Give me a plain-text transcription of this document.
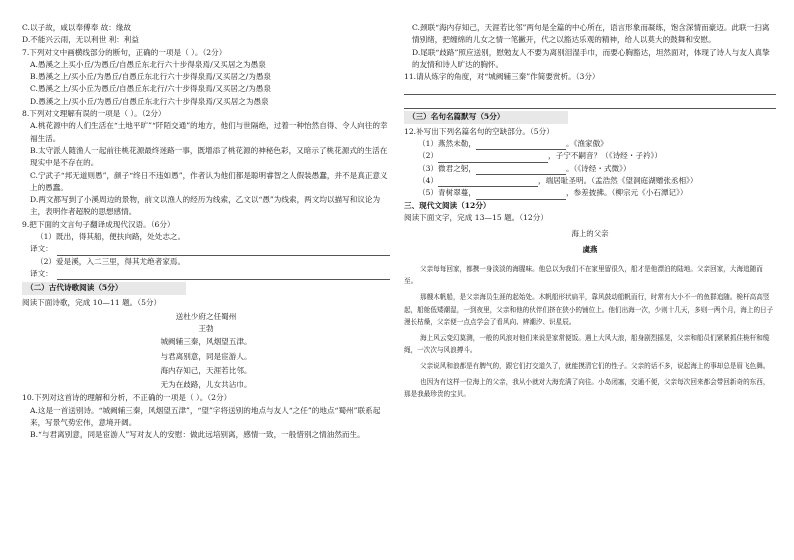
C.以子故，咸以奉傅奉 故：缘故
D.不能兴云雨，无以利世 利：利益
7.下列对文中画横线部分的断句，正确的一项是（ ）。（2分）
A.愚溪之上买小丘/为愚丘/自愚丘东北行六十步得泉焉/又买居之为愚泉
B.愚溪之上/买小丘/为愚丘/自愚丘东北行六十步得泉焉/又买居之/为愚泉
C.愚溪之上/买小丘为愚丘/自愚丘东北行/六十步得泉焉/又买居之/为愚泉
D.愚溪之上/买小丘/为愚丘/自愚丘东北行六十步得泉焉/又买居之为愚泉
8.下列对文理解有误的一项是（ ）。（2分）
A.桃花源中的人们生活在“土地平旷”“阡陌交通”的地方，他们与世隔绝，过着一种怡然自得、令人向往的幸福生活。
B.太守派人随渔人一起前往桃花源最终迷路一事，既增添了桃花源的神秘色彩，又暗示了桃花源式的生活在现实中是不存在的。
C.宁武子“邦无道则愚”，颜子“终日不违如愚”，作者认为他们都是聪明睿智之人假装愚蠢，并不是真正意义上的愚蠢。
D.两文都写到了小溪周边的景物，前文以渔人的经历为线索，乙文以“愚”为线索，两文均以描写和议论为主，表明作者超脱的思想感情。
9.把下面的文言句子翻译成现代汉语。（6分）
（1）既出，得其船，便扶向路，处处志之。
译文：
（2）爱是溪，入二三里，得其尤绝者家焉。
译文：
（二）古代诗歌阅读（5分）
阅读下面诗歌，完成 10—11 题。（5分）
送杜少府之任蜀州
王勃
城阙辅三秦，风烟望五津。
与君离别意，同是宦游人。
海内存知己，天涯若比邻。
无为在歧路，儿女共沾巾。
10.下列对这首诗的理解和分析，不正确的一项是（ ）。（2分）
A.这是一首送别诗。“城阙辅三秦，风烟望五津”，“望”字将送别的地点与友人“之任”的地点“蜀州”联系起来，写景气势宏伟，意境开阔。
B.“与君离别意，同是宦游人”写对友人的安慰：做此远培别离，感情一致，一般惜别之情油然而生。
C.颈联“海内存知己，天涯若比邻”两句是全篇的中心所在，语言形象而凝练，饱含深情而豪迈。此联一扫离情别绪，把缠绵的儿女之情一笔撇开，代之以豁达乐观的精神，给人以莫大的鼓舞和安慰。
D.尾联“歧路”照应送别，慰勉友人不要为离别泪湿手巾，而要心胸豁达，坦然面对，体现了诗人与友人真挚的友情和诗人旷达的胸怀。
11.请从炼字的角度，对“城阙辅三秦”作简要赏析。（3分）
（三）名句名篇默写（5分）
12.补写出下列名篇名句的空缺部分。（5分）
（1）燕然未勒，	。《渔家傲》
（2）	，子宁不嗣音？（《诗经・子衿》）
（3）微君之躬，	。（《诗经・式微》）
（4）	，端居耻圣明。（孟浩然《望洞庭湖赠张丞相》）
（5）青树翠蔓，	，参差披拂。（柳宗元《小石潭记》）
三、现代文阅读（12分）
阅读下面文字，完成 13—15 题。（12分）
海上的父亲
虞燕
父亲每每回家，都携一身淡淡的海腥味。他总以为我们不在家里留很久，船才是他漂泊的陆地。父亲回家，大海追随而至。
那艘木帆船，是父亲海员生涯的起始处。木帆船形状扁平，靠风鼓动船帆而行，时常有大小不一的鱼群追随。桅杆高高竖起，船舱低矮潮湿，一到夜里，父亲和他的伙伴们挤在狭小的铺位上。他们出海一次，少则十几天，多则一两个月，海上的日子漫长枯燥，父亲便一点点学会了看风向、辨潮汐、识星辰。
海上风云变幻莫测，一般的风浪对他们来说是家常便饭。遇上大风大浪，船身剧烈摇晃，父亲和船员们紧紧抓住桅杆和缆绳，一次次与风浪搏斗。
父亲说风和浪都是有脾气的，跟它们打交道久了，就能摸清它们的性子。父亲的话不多，说起海上的事却总是眉飞色舞。
也因为有这样一位海上的父亲，我从小就对大海充满了向往。小岛闭塞，交通不便，父亲每次回来都会带回新奇的东西，那是我最珍贵的宝贝。
